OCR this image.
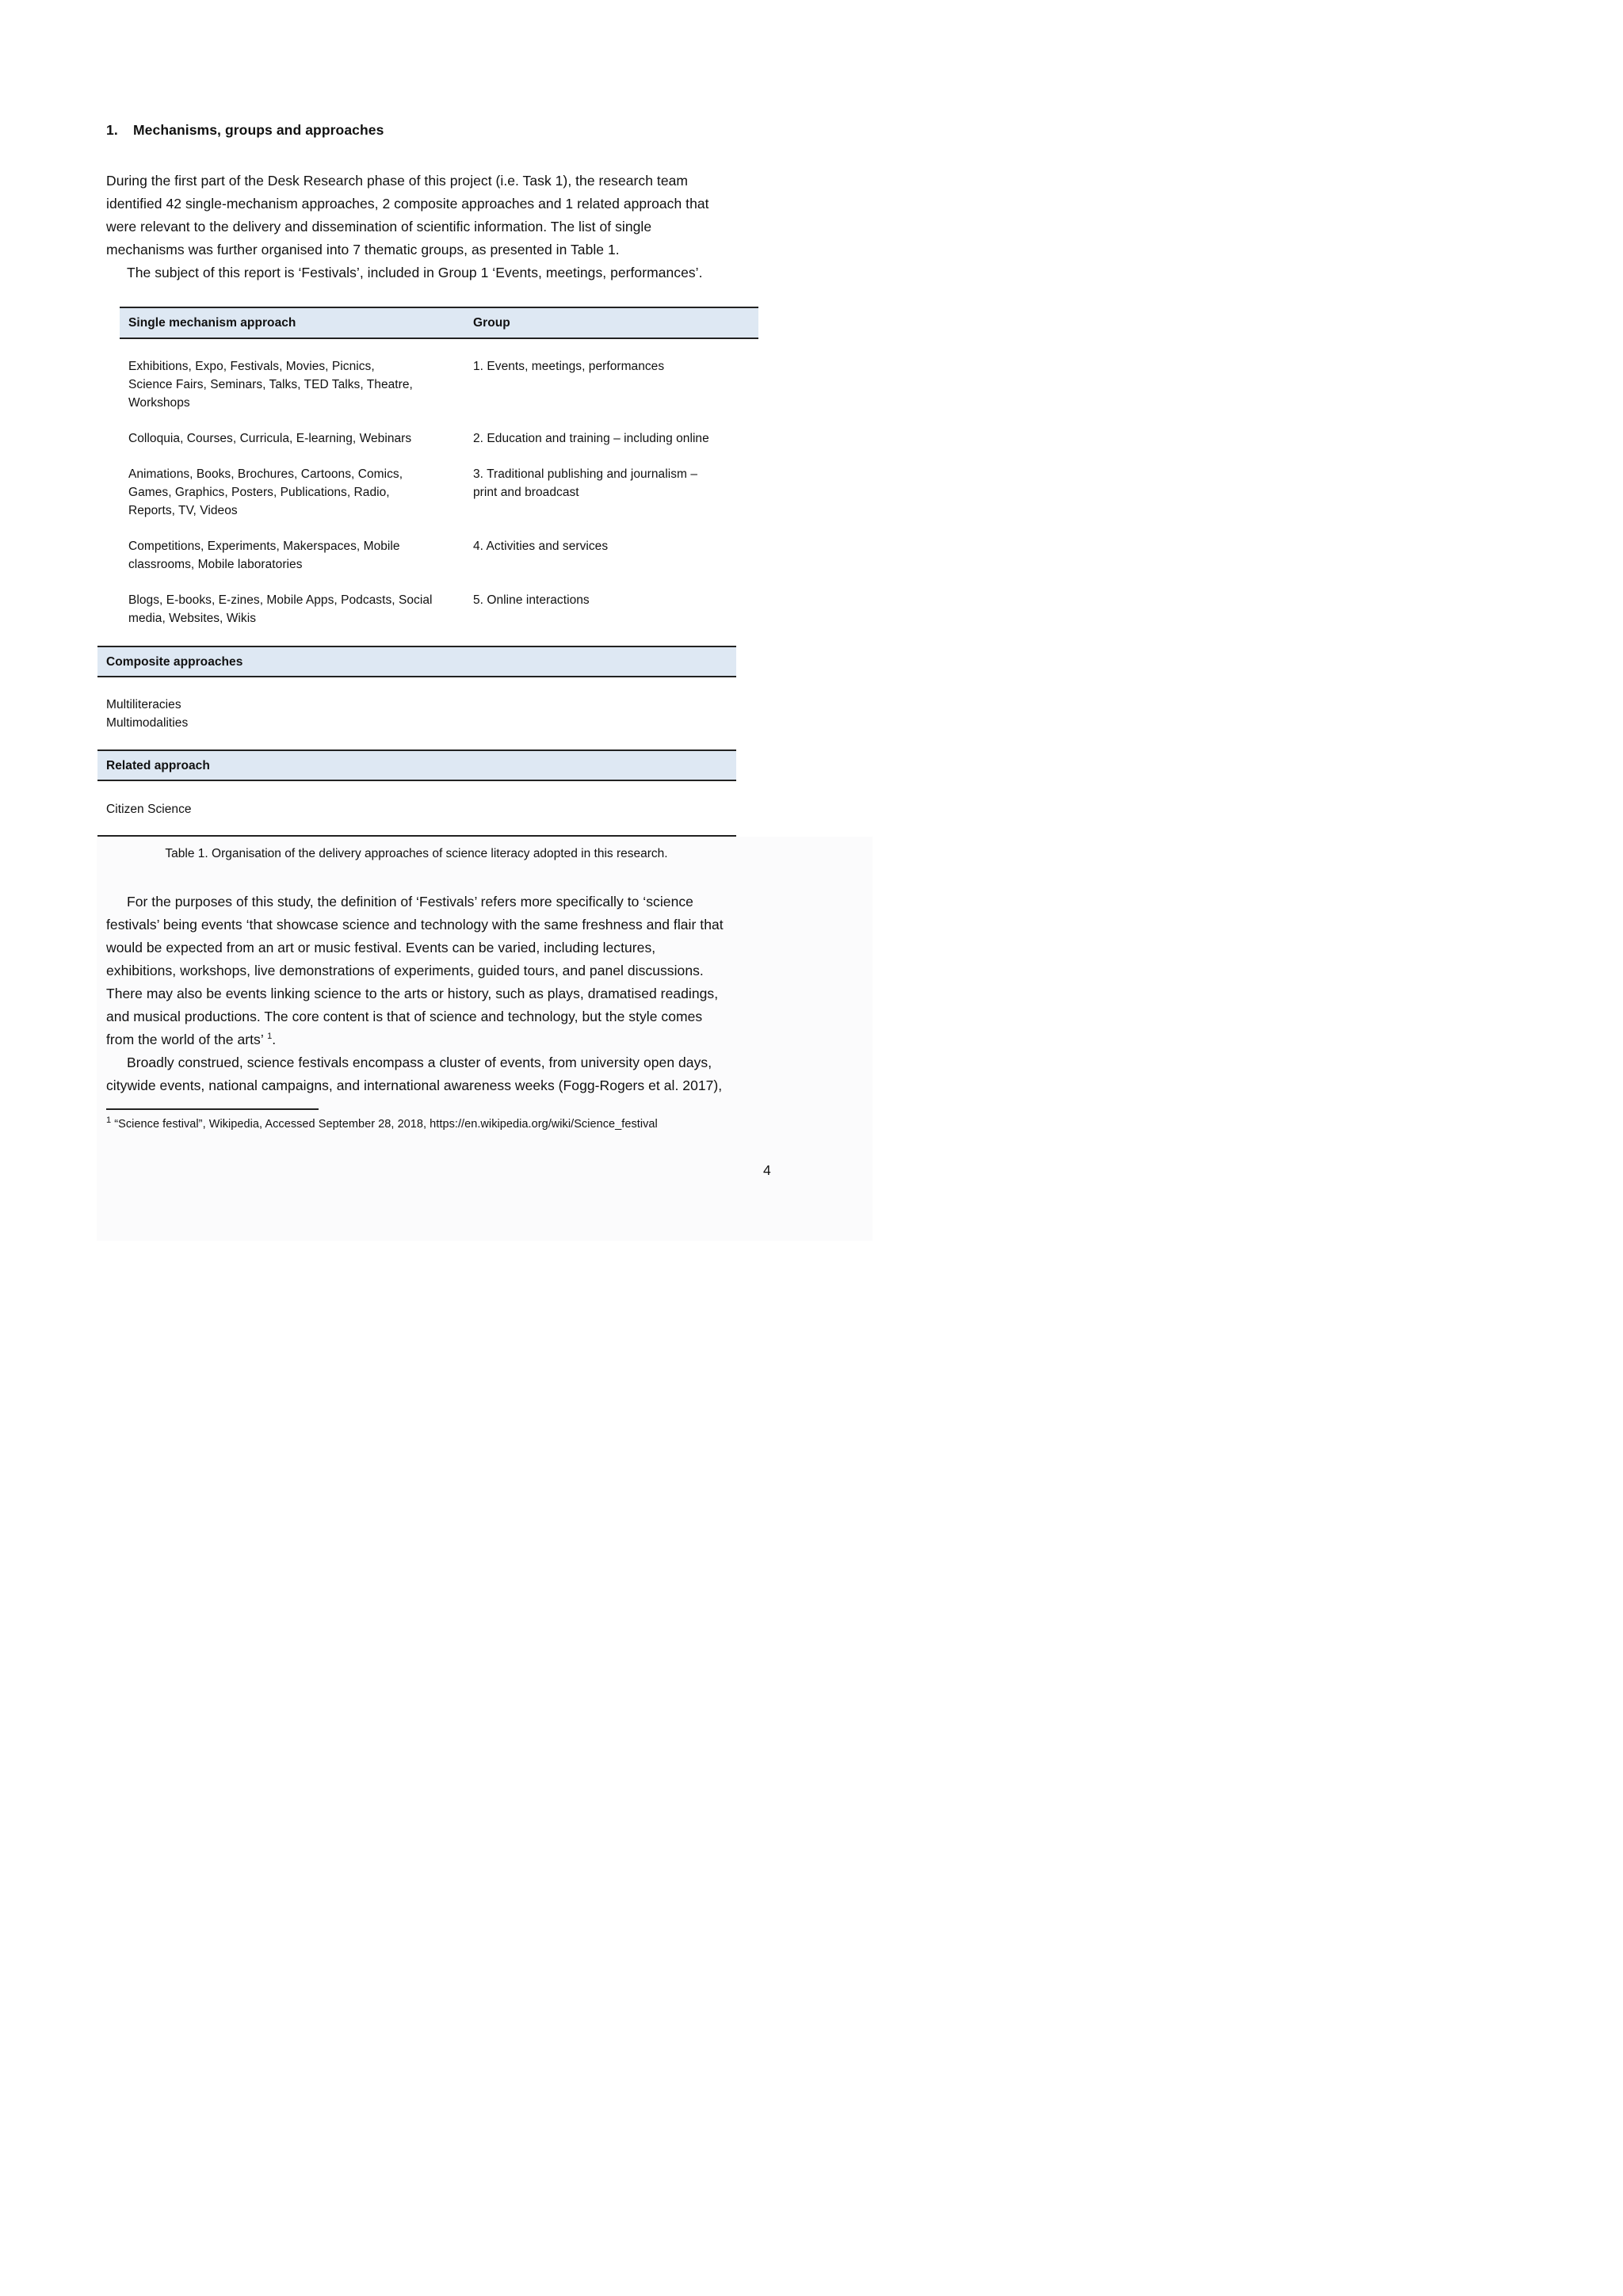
1. Mechanisms, groups and approaches
During the first part of the Desk Research phase of this project (i.e. Task 1), the research team
identified 42 single-mechanism approaches, 2 composite approaches and 1 related approach that
were relevant to the delivery and dissemination of scientific information. The list of single
mechanisms was further organised into 7 thematic groups, as presented in Table 1.
The subject of this report is ‘Festivals’, included in Group 1 ‘Events, meetings, performances’.
Single mechanism approach	Group
Exhibitions, Expo, Festivals, Movies, Picnics,
Science Fairs, Seminars, Talks, TED Talks, Theatre,
Workshops
1. Events, meetings, performances
Colloquia, Courses, Curricula, E-learning, Webinars	2. Education and training – including online
Animations, Books, Brochures, Cartoons, Comics,
Games, Graphics, Posters, Publications, Radio,
Reports, TV, Videos
3. Traditional publishing and journalism –
print and broadcast
Competitions, Experiments, Makerspaces, Mobile
classrooms, Mobile laboratories
4. Activities and services
Blogs, E-books, E-zines, Mobile Apps, Podcasts, Social
media, Websites, Wikis
5. Online interactions
Composite approaches
Multiliteracies
Multimodalities
Related approach
Citizen Science
Table 1. Organisation of the delivery approaches of science literacy adopted in this research.
For the purposes of this study, the definition of ‘Festivals’ refers more specifically to ‘science
festivals’ being events ‘that showcase science and technology with the same freshness and flair that
would be expected from an art or music festival. Events can be varied, including lectures,
exhibitions, workshops, live demonstrations of experiments, guided tours, and panel discussions.
There may also be events linking science to the arts or history, such as plays, dramatised readings,
and musical productions. The core content is that of science and technology, but the style comes
from the world of the arts’ $^1$.
Broadly construed, science festivals encompass a cluster of events, from university open days,
citywide events, national campaigns, and international awareness weeks (Fogg-Rogers et al. 2017),
$^1$ “Science festival”, Wikipedia, Accessed September 28, 2018, https://en.wikipedia.org/wiki/Science_festival
4
